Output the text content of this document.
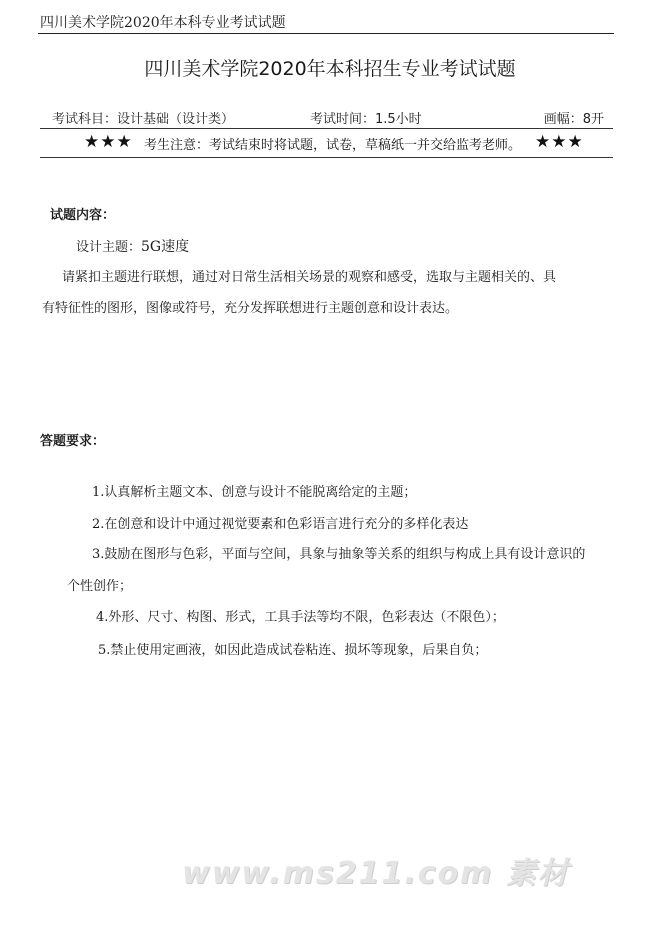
四川美术学院2020年本科专业考试试题
四川美术学院2020年本科招生专业考试试题
考试科目：设计基础（设计类）	考试时间：1.5小时	画幅：8开
★★★ 考生注意：考试结束时将试题，试卷，草稿纸一并交给监考老师。 ★★★
试题内容：
设计主题：5G速度
请紧扣主题进行联想，通过对日常生活相关场景的观察和感受，选取与主题相关的、具
有特征性的图形，图像或符号，充分发挥联想进行主题创意和设计表达。
答题要求：
1.认真解析主题文本、创意与设计不能脱离给定的主题；
2.在创意和设计中通过视觉要素和色彩语言进行充分的多样化表达
3.鼓励在图形与色彩，平面与空间，具象与抽象等关系的组织与构成上具有设计意识的
个性创作；
4.外形、尺寸、构图、形式，工具手法等均不限，色彩表达（不限色）；
5.禁止使用定画液，如因此造成试卷粘连、损坏等现象，后果自负；
www.ms211.com 素材
